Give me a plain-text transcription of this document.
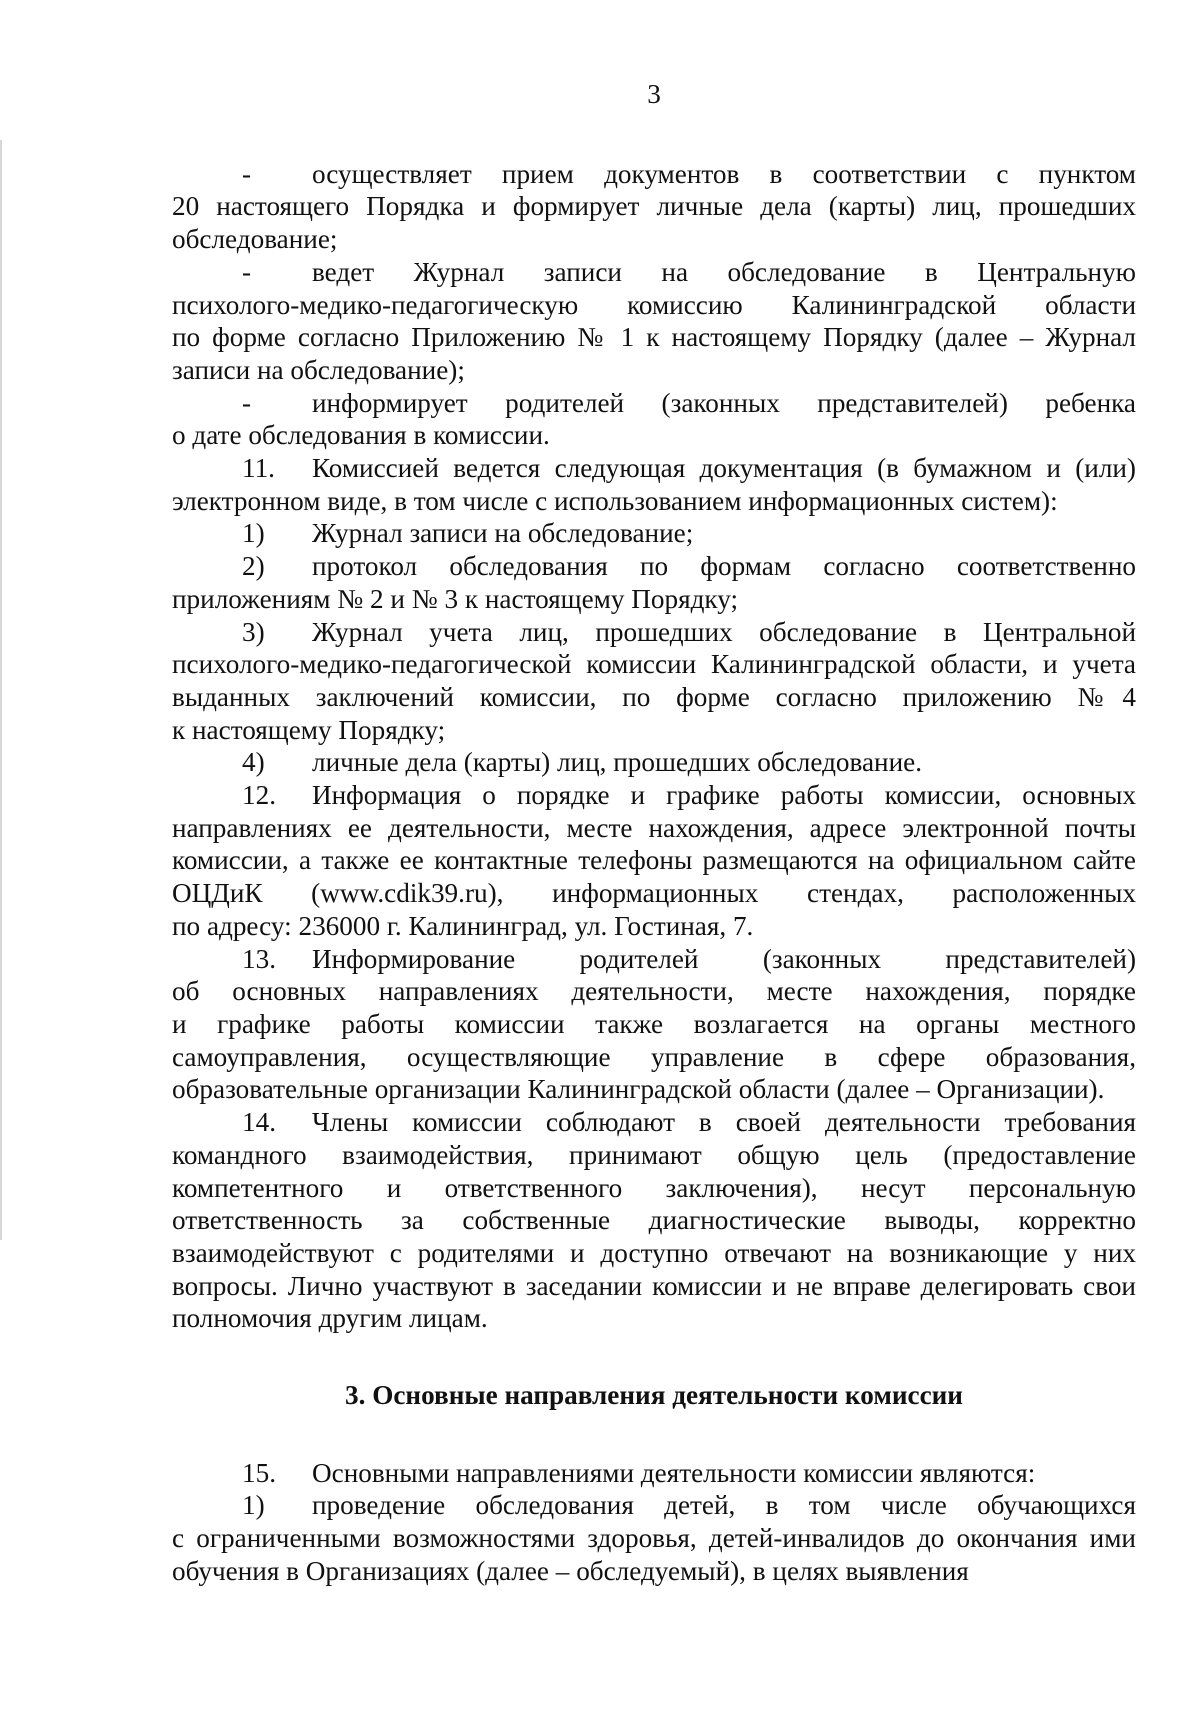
3

- осуществляет прием документов в соответствии с пунктом

20 настоящего Порядка и формирует личные дела (карты) лиц, прошедших

обследование;

- ведет Журнал записи на обследование в Центральную

психолого-медико-педагогическую комиссию Калининградской области

по форме согласно Приложению № 1 к настоящему Порядку (далее – Журнал

записи на обследование);

- информирует родителей (законных представителей) ребенка

о дате обследования в комиссии.

11. Комиссией ведется следующая документация (в бумажном и (или)

электронном виде, в том числе с использованием информационных систем):

1) Журнал записи на обследование;

2) протокол обследования по формам согласно соответственно

приложениям № 2 и № 3 к настоящему Порядку;

3) Журнал учета лиц, прошедших обследование в Центральной

психолого-медико-педагогической комиссии Калининградской области, и учета

выданных заключений комиссии, по форме согласно приложению №4

к настоящему Порядку;

4) личные дела (карты) лиц, прошедших обследование.

12. Информация о порядке и графике работы комиссии, основных

направлениях ее деятельности, месте нахождения, адресе электронной почты

комиссии, а также ее контактные телефоны размещаются на официальном сайте

ОЦДиК (www.cdik39.ru), информационных стендах, расположенных

по адресу: 236000 г. Калининград, ул. Гостиная, 7.

13. Информирование родителей (законных представителей)

об основных направлениях деятельности, месте нахождения, порядке

и графике работы комиссии также возлагается на органы местного

самоуправления, осуществляющие управление в сфере образования,

образовательные организации Калининградской области (далее – Организации).

14. Члены комиссии соблюдают в своей деятельности требования

командного взаимодействия, принимают общую цель (предоставление

компетентного и ответственного заключения), несут персональную

ответственность за собственные диагностические выводы, корректно

взаимодействуют с родителями и доступно отвечают на возникающие у них

вопросы. Лично участвуют в заседании комиссии и не вправе делегировать свои

полномочия другим лицам.

3. Основные направления деятельности комиссии

15. Основными направлениями деятельности комиссии являются:

1) проведение обследования детей, в том числе обучающихся

с ограниченными возможностями здоровья, детей-инвалидов до окончания ими

обучения в Организациях (далее – обследуемый), в целях выявления
